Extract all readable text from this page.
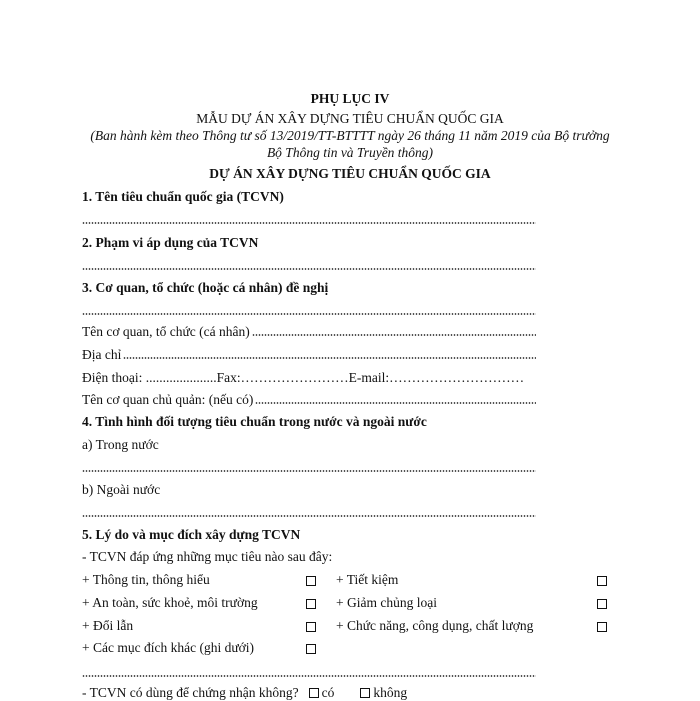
PHỤ LỤC IV
MẪU DỰ ÁN XÂY DỰNG TIÊU CHUẨN QUỐC GIA
(Ban hành kèm theo Thông tư số 13/2019/TT-BTTTT ngày 26 tháng 11 năm 2019 của Bộ trưởng
Bộ Thông tin và Truyền thông)
DỰ ÁN XÂY DỰNG TIÊU CHUẨN QUỐC GIA
1. Tên tiêu chuẩn quốc gia (TCVN)
2. Phạm vi áp dụng của TCVN
3. Cơ quan, tổ chức (hoặc cá nhân) đề nghị
Tên cơ quan, tổ chức (cá nhân)
Địa chỉ
Điện thoại: .....................Fax:……………………E-mail:…………………………
Tên cơ quan chủ quản: (nếu có)
4. Tình hình đối tượng tiêu chuẩn trong nước và ngoài nước
a) Trong nước
b) Ngoài nước
5. Lý do và mục đích xây dựng TCVN
- TCVN đáp ứng những mục tiêu nào sau đây:
+ Thông tin, thông hiểu	+ Tiết kiệm
+ An toàn, sức khoẻ, môi trường	+ Giảm chủng loại
+ Đổi lẫn	+ Chức năng, công dụng, chất lượng
+ Các mục đích khác (ghi dưới)
- TCVN có dùng để chứng nhận không? có	không
